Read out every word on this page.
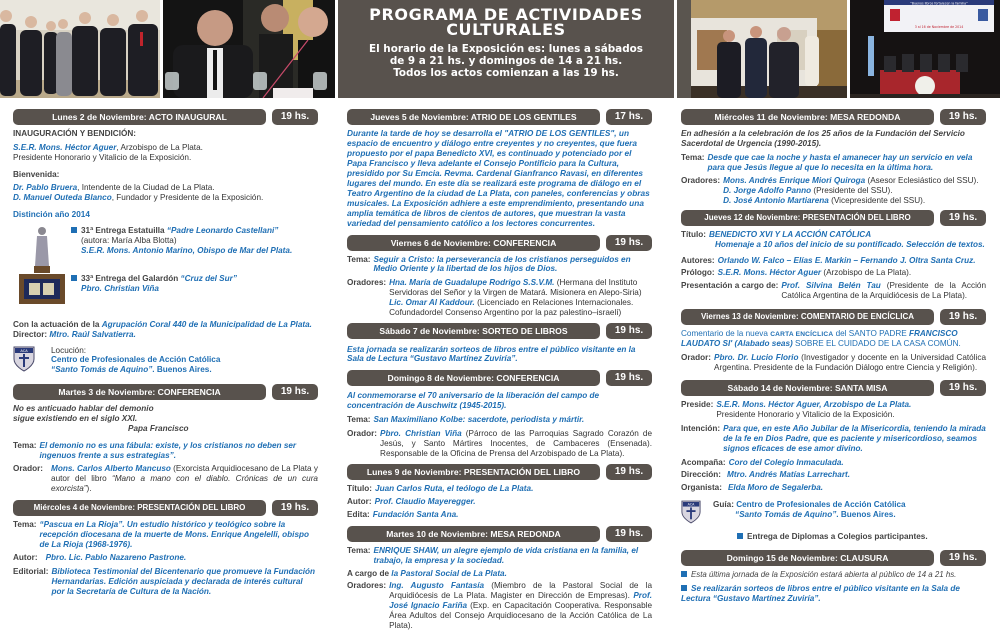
PROGRAMA DE ACTIVIDADES
CULTURALES
El horario de la Exposición es: lunes a sábados
de 9 a 21 hs. y domingos de 14 a 21 hs.
Todos los actos comienzan a las 19 hs.
“Buenos libros fortalecen la familia”
3 al 16 de Noviembre de 2014
Lunes 2 de Noviembre: ACTO INAUGURAL	19 hs.

INAUGURACIÓN Y BENDICIÓN:

S.E.R. Mons. Héctor Aguer, Arzobispo de La Plata.

Presidente Honorario y Vitalicio de la Exposición.

Bienvenida:

Dr. Pablo Bruera, Intendente de la Ciudad de La Plata.

D. Manuel Outeda Blanco, Fundador y Presidente de la Exposición.

Distinción año 2014

31ª Entrega Estatuilla “Padre Leonardo Castellani”
(autora: María Alba Blotta)
S.E.R. Mons. Antonio Marino, Obispo de Mar del Plata.
33ª Entrega del Galardón “Cruz del Sur”
Pbro. Christian Viña

Con la actuación de la Agrupación Coral 440 de la Municipalidad de La Plata.

Director: Mtro. Raúl Salvatierra.

ACA	Locución:
Centro de Profesionales de Acción Católica
“Santo Tomás de Aquino”. Buenos Aires.
Martes 3 de Noviembre: CONFERENCIA	19 hs.
No es anticuado hablar del demonio
sigue existiendo en el siglo XXI.
Papa Francisco
Tema: El demonio no es una fábula: existe, y los cristianos no deben ser ingenuos frente a sus estrategias”.
Orador: Mons. Carlos Alberto Mancuso (Exorcista Arquidiocesano de La Plata y autor del libro “Mano a mano con el diablo. Crónicas de un cura exorcista”).
Miércoles 4 de Noviembre: PRESENTACIÓN DEL LIBRO	19 hs.
Tema: “Pascua en La Rioja”. Un estudio histórico y teológico sobre la recepción diocesana de la muerte de Mons. Enrique Angelelli, obispo de La Rioja (1968-1976).
Autor: Pbro. Lic. Pablo Nazareno Pastrone.
Editorial: Biblioteca Testimonial del Bicentenario que promueve la Fundación Hernandarias. Edición auspiciada y declarada de interés cultural por la Secretaría de Cultura de la Nación.
Jueves 5 de Noviembre: ATRIO DE LOS GENTILES	17 hs.

Durante la tarde de hoy se desarrolla el "ATRIO DE LOS GENTILES", un espacio de encuentro y diálogo entre creyentes y no creyentes, que fuera propuesto por el papa Benedicto XVI, es continuado y potenciado por el Papa Francisco y lleva adelante el Consejo Pontificio para la Cultura, presidido por Su Emcia. Revma. Cardenal Gianfranco Ravasi, en diferentes lugares del mundo. En este día se realizará este programa de diálogo en el Teatro Argentino de la ciudad de La Plata, con paneles, conferencias y obras musicales. La Exposición adhiere a este emprendimiento, presentando una amplia temática de libros de cientos de autores, que muestran la vasta variedad del pensamiento católico a los lectores concurrentes.

Viernes 6 de Noviembre: CONFERENCIA	19 hs.
Tema: Seguir a Cristo: la perseverancia de los cristianos perseguidos en Medio Oriente y la libertad de los hijos de Dios.
Oradores: Hna. María de Guadalupe Rodrigo S.S.V.M. (Hermana del Instituto Servidoras del Señor y la Virgen de Matará. Misionera en Alepo-Siria)
Lic. Omar Al Kaddour. (Licenciado en Relaciones Internacionales. Cofundadordel Consenso Argentino por la paz palestino–israelí)
Sábado 7 de Noviembre: SORTEO DE LIBROS	19 hs.

Esta jornada se realizarán sorteos de libros entre el público visitante en la Sala de Lectura “Gustavo Martínez Zuviría”.

Domingo 8 de Noviembre: CONFERENCIA	19 hs.

Al conmemorarse el 70 aniversario de la liberación del campo de concentración de Auschwitz (1945-2015).

Tema: San Maximiliano Kolbe: sacerdote, periodista y mártir.
Orador: Pbro. Christian Viña (Párroco de las Parroquias Sagrado Corazón de Jesús, y Santo Mártires Inocentes, de Cambaceres (Ensenada). Responsable de la Oficina de Prensa del Arzobispado de La Plata).
Lunes 9 de Noviembre: PRESENTACIÓN DEL LIBRO	19 hs.
Título: Juan Carlos Ruta, el teólogo de La Plata.
Autor: Prof. Claudio Mayeregger.
Edita: Fundación Santa Ana.
Martes 10 de Noviembre: MESA REDONDA	19 hs.
Tema: ENRIQUE SHAW, un alegre ejemplo de vida cristiana en la familia, el trabajo, la empresa y la sociedad.

A cargo de la Pastoral Social de La Plata.

Oradores: Ing. Augusto Fantasía (Miembro de la Pastoral Social de la Arquidiócesis de La Plata. Magister en Dirección de Empresas). Prof. José Ignacio Fariña (Exp. en Capacitación Cooperativa. Responsable Área Adultos del Consejo Arquidiocesano de la Acción Católica de La Plata).
Miércoles 11 de Noviembre: MESA REDONDA	19 hs.

En adhesión a la celebración de los 25 años de la Fundación del Servicio Sacerdotal de Urgencia (1990-2015).

Tema: Desde que cae la noche y hasta el amanecer hay un servicio en vela para que Jesús llegue al que lo necesita en la última hora.
Oradores: Mons. Andrés Enrique Miori Quiroga (Asesor Eclesiástico del SSU).
D. Jorge Adolfo Panno (Presidente del SSU).
D. José Antonio Martiarena (Vicepresidente del SSU).
Jueves 12 de Noviembre: PRESENTACIÓN DEL LIBRO	19 hs.
Título: BENEDICTO XVI Y LA ACCIÓN CATÓLICA
Homenaje a 10 años del inicio de su pontificado. Selección de textos.
Autores: Orlando W. Falco – Elías E. Markin – Fernando J. Oltra Santa Cruz.
Prólogo: S.E.R. Mons. Héctor Aguer (Arzobispo de La Plata).
Presentación a cargo de: Prof. Silvina Belén Tau (Presidente de la Acción Católica Argentina de la Arquidiócesis de La Plata).
Viernes 13 de Noviembre: COMENTARIO DE ENCÍCLICA	19 hs.

Comentario de la nueva CARTA ENCÍCLICA del SANTO PADRE FRANCISCO LAUDATO SI' (Alabado seas) SOBRE EL CUIDADO DE LA CASA COMÚN.

Orador: Pbro. Dr. Lucio Florio (Investigador y docente en la Universidad Católica Argentina. Presidente de la Fundación Diálogo entre Ciencia y Religión).
Sábado 14 de Noviembre: SANTA MISA	19 hs.
Preside: S.E.R. Mons. Héctor Aguer, Arzobispo de La Plata.
Presidente Honorario y Vitalicio de la Exposición.
Intención: Para que, en este Año Jubilar de la Misericordia, teniendo la mirada de la fe en Dios Padre, que es paciente y misericordioso, seamos signos eficaces de ese amor divino.
Acompaña: Coro del Colegio Inmaculada.
Dirección: Mtro. Andrés Matías Larrechart.
Organista: Elda Moro de Segalerba.
ACA Guía: Centro de Profesionales de Acción Católica
“Santo Tomás de Aquino”. Buenos Aires.
Entrega de Diplomas a Colegios participantes.
Domingo 15 de Noviembre: CLAUSURA	19 hs.
Esta última jornada de la Exposición estará abierta al público de 14 a 21 hs.
Se realizarán sorteos de libros entre el público visitante en la Sala de Lectura “Gustavo Martínez Zuviría”.
